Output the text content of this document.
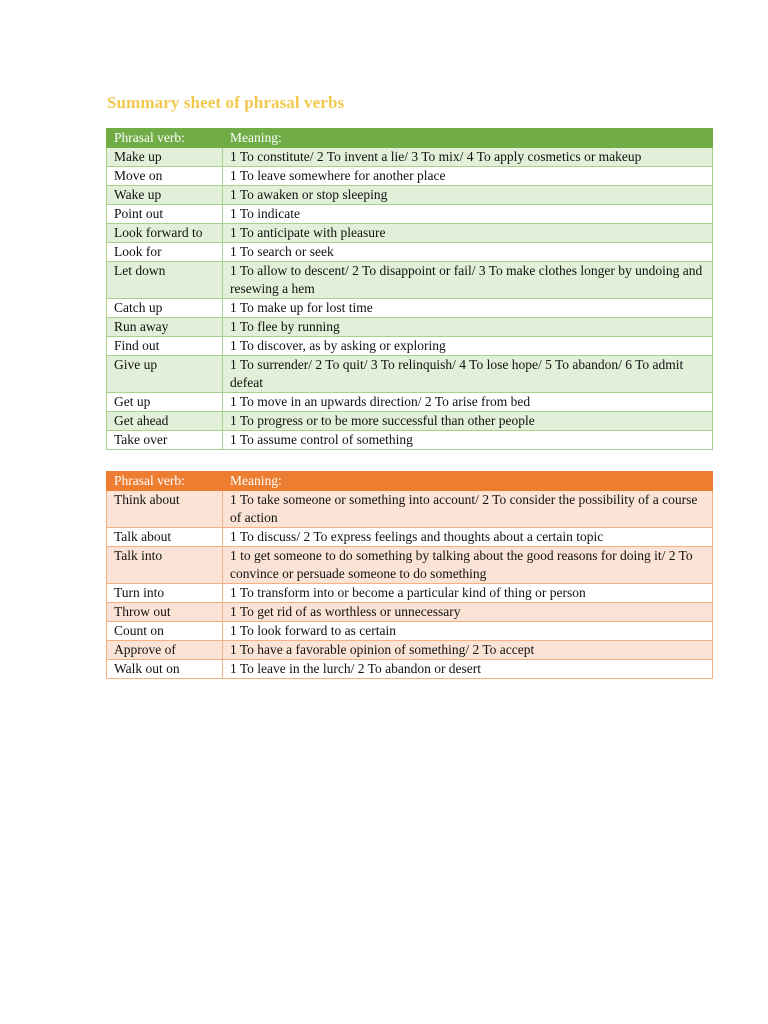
Summary sheet of phrasal verbs
Phrasal verb:	Meaning:
Make up	1 To constitute/ 2 To invent a lie/ 3 To mix/ 4 To apply cosmetics or makeup
Move on	1 To leave somewhere for another place
Wake up	1 To awaken or stop sleeping
Point out	1 To indicate
Look forward to	1 To anticipate with pleasure
Look for	1 To search or seek
Let down	1 To allow to descent/ 2 To disappoint or fail/ 3 To make clothes longer by undoing and resewing a hem
Catch up	1 To make up for lost time
Run away	1 To flee by running
Find out	1 To discover, as by asking or exploring
Give up	1 To surrender/ 2 To quit/ 3 To relinquish/ 4 To lose hope/ 5 To abandon/ 6 To admit defeat
Get up	1 To move in an upwards direction/ 2 To arise from bed
Get ahead	1 To progress or to be more successful than other people
Take over	1 To assume control of something
Phrasal verb:	Meaning:
Think about	1 To take someone or something into account/ 2 To consider the possibility of a course of action
Talk about	1 To discuss/ 2 To express feelings and thoughts about a certain topic
Talk into	1 to get someone to do something by talking about the good reasons for doing it/ 2 To convince or persuade someone to do something
Turn into	1 To transform into or become a particular kind of thing or person
Throw out	1 To get rid of as worthless or unnecessary
Count on	1 To look forward to as certain
Approve of	1 To have a favorable opinion of something/ 2 To accept
Walk out on	1 To leave in the lurch/ 2 To abandon or desert
